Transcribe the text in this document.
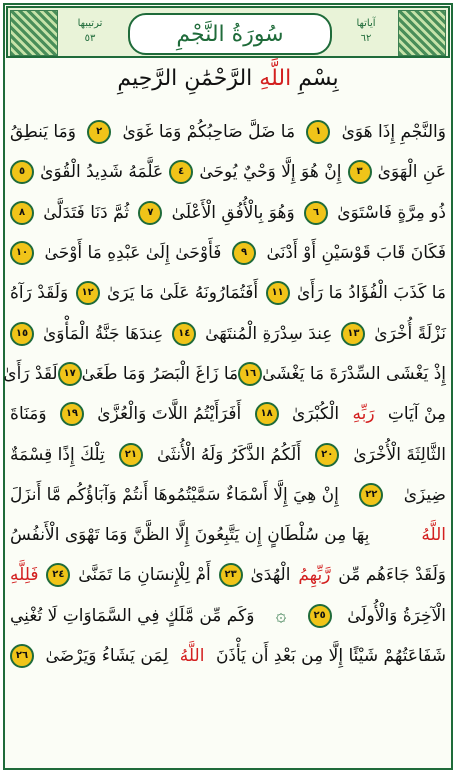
ترتيبها
٥٣	سُورَةُ النَّجْمِ	آياتها
٦٢
بِسْمِ اللَّهِ الرَّحْمَٰنِ الرَّحِيمِ
وَالنَّجْمِ إِذَا هَوَىٰ
١
مَا ضَلَّ صَاحِبُكُمْ وَمَا غَوَىٰ
٢
وَمَا يَنطِقُ
عَنِ الْهَوَىٰ
٣
إِنْ هُوَ إِلَّا وَحْيٌ يُوحَىٰ
٤
عَلَّمَهُ شَدِيدُ الْقُوَىٰ
٥
ذُو مِرَّةٍ فَاسْتَوَىٰ
٦
وَهُوَ بِالْأُفُقِ الْأَعْلَىٰ
٧
ثُمَّ دَنَا فَتَدَلَّىٰ
٨
فَكَانَ قَابَ قَوْسَيْنِ أَوْ أَدْنَىٰ
٩
فَأَوْحَىٰ إِلَىٰ عَبْدِهِ مَا أَوْحَىٰ
١٠
مَا كَذَبَ الْفُؤَادُ مَا رَأَىٰ
١١
أَفَتُمَارُونَهُ عَلَىٰ مَا يَرَىٰ
١٢
وَلَقَدْ رَآهُ
نَزْلَةً أُخْرَىٰ
١٣
عِندَ سِدْرَةِ الْمُنتَهَىٰ
١٤
عِندَهَا جَنَّةُ الْمَأْوَىٰ
١٥
إِذْ يَغْشَى السِّدْرَةَ مَا يَغْشَىٰ
١٦
مَا زَاغَ الْبَصَرُ وَمَا طَغَىٰ
١٧
لَقَدْ رَأَىٰ
مِنْ آيَاتِ
رَبِّهِ
الْكُبْرَىٰ
١٨
أَفَرَأَيْتُمُ اللَّاتَ وَالْعُزَّىٰ
١٩
وَمَنَاةَ
الثَّالِثَةَ الْأُخْرَىٰ
٢٠
أَلَكُمُ الذَّكَرُ وَلَهُ الْأُنثَىٰ
٢١
تِلْكَ إِذًا قِسْمَةٌ
ضِيزَىٰ
٢٢
إِنْ هِيَ إِلَّا أَسْمَاءٌ سَمَّيْتُمُوهَا أَنتُمْ وَآبَاؤُكُم مَّا أَنزَلَ
اللَّهُ
بِهَا مِن سُلْطَانٍ إِن يَتَّبِعُونَ إِلَّا الظَّنَّ وَمَا تَهْوَى الْأَنفُسُ
وَلَقَدْ جَاءَهُم مِّن
رَّبِّهِمُ
الْهُدَىٰ
٢٣
أَمْ لِلْإِنسَانِ مَا تَمَنَّىٰ
٢٤
فَلِلَّهِ
الْآخِرَةُ وَالْأُولَىٰ
٢٥
۞
وَكَم مِّن مَّلَكٍ فِي السَّمَاوَاتِ لَا تُغْنِي
شَفَاعَتُهُمْ شَيْئًا إِلَّا مِن بَعْدِ أَن يَأْذَنَ
اللَّهُ
لِمَن يَشَاءُ وَيَرْضَىٰ
٢٦
